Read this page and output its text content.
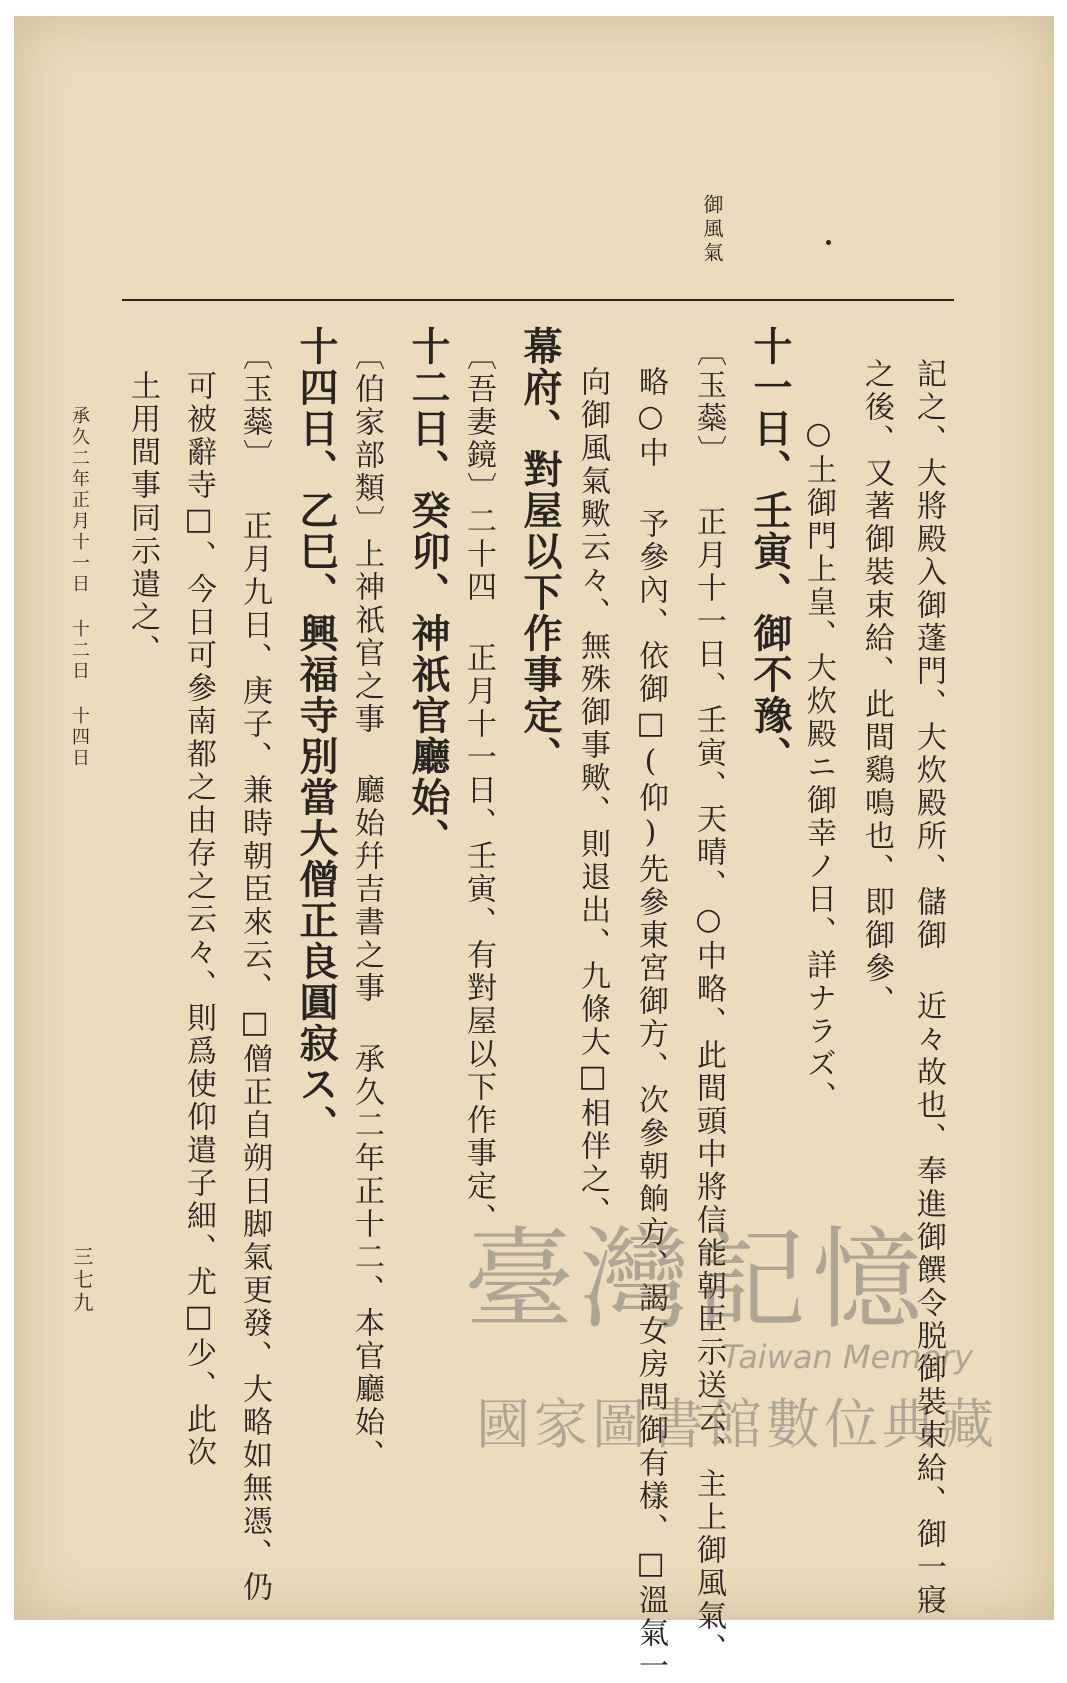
御風氣
記之、大將殿入御蓬門、大炊殿所、儲御 近々故也、奉進御饌令脱御裝束給、御一寢
之後、又著御裝束給、此間鷄鳴也、即御參、
○土御門上皇、大炊殿ニ御幸ノ日、詳ナラズ、
十一日、壬寅、御不豫、
〔玉蘂〕 正月十一日、壬寅、天晴、○中略、此間頭中將信能朝臣示送云、主上御風氣、
略○中 予參內、依御□(仰)先參東宮御方、次參朝餉方、謁女房問御有樣、□溫氣一
向御風氣歟云々、無殊御事歟、則退出、九條大□相伴之、
幕府、對屋以下作事定、
〔吾妻鏡〕二十四 正月十一日、壬寅、有對屋以下作事定、
十二日、癸卯、神祇官廳始、
〔伯家部類〕上神祇官之事 廳始幷吉書之事 承久二年正十二、本官廳始、
十四日、乙巳、興福寺別當大僧正良圓寂ス、
〔玉蘂〕 正月九日、庚子、兼時朝臣來云、□僧正自朔日脚氣更發、大略如無憑、仍
可被辭寺□、今日可參南都之由存之云々、則爲使仰遣子細、尤□少、此次
土用間事同示遣之、
承久二年正月十一日 十二日 十四日
三七九	臺灣記憶
Taiwan Memory
國家圖書館數位典藏
